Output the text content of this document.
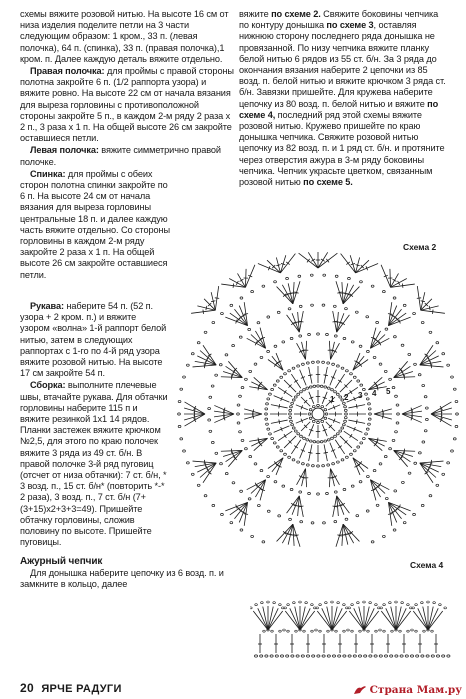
схемы вяжите розовой нитью. На высоте 16 см от низа изделия поделите петли на 3 части следующим образом: 1 кром., 33 п. (левая полочка), 64 п. (спинка), 33 п. (правая полочка),1 кром. п. Далее каждую деталь вяжите отдельно.

Правая полочка: для проймы с правой стороны полотна закройте 6 п. (1/2 раппорта узора) и вяжите ровно. На высоте 22 см от начала вязания для выреза горловины с противоположной стороны закройте 5 п., в каждом 2-м ряду 2 раза х 2 п., 3 раза х 1 п. На общей высоте 26 см закройте оставшиеся петли.

Левая полочка: вяжите симметрично правой полочке.

Спинка: для проймы с обеих сторон полотна спинки закройте по 6 п. На высоте 24 см от начала вязания для выреза горловины центральные 18 п. и далее каждую часть вяжите отдельно. Со стороны горловины в каждом 2-м ряду закройте 2 раза х 1 п. На общей высоте 26 см закройте оставшиеся петли.

Рукава: наберите 54 п. (52 п. узора + 2 кром. п.) и вяжите узором «волна» 1-й раппорт белой нитью, затем в следующих раппортах с 1-го по 4-й ряд узора вяжите розовой нитью. На высоте 17 см закройте 54 п.

Сборка: выполните плечевые швы, втачайте рукава. Для обтачки горловины наберите 115 п и вяжите резинкой 1х1 14 рядов. Планки застежек вяжите крючком №2,5, для этого по краю полочек вяжите 3 ряда из 49 ст. б/н. В правой полочке 3-й ряд пуговиц (отсчет от низа обтачки): 7 ст. б/н, * 3 возд. п., 15 ст. б/н* (повторить *-* 2 раза), 3 возд. п., 7 ст. б/н (7+(3+15)х2+3+3=49). Пришейте обтачку горловины, сложив половину по высоте. Пришейте пуговицы.

Ажурный чепчик

Для донышка наберите цепочку из 6 возд. п. и замкните в кольцо, далее

вяжите по схеме 2. Свяжите боковины чепчика по контуру донышка по схеме 3, оставляя нижнюю сторону последнего ряда донышка не провязанной. По низу чепчика вяжите планку белой нитью 6 рядов из 55 ст. б/н. За 3 ряда до окончания вязания наберите 2 цепочки из 85 возд. п. белой нитью и вяжите крючком 3 ряда ст. б/н. Завязки пришейте. Для кружева наберите цепочку из 80 возд. п. белой нитью и вяжите по схеме 4, последний ряд этой схемы вяжите розовой нитью. Кружево пришейте по краю донышка чепчика. Свяжите розовой нитью цепочку из 82 возд. п. и 1 ряд ст. б/н. и протяните через отверстия ажура в 3-м ряду боковины чепчика. Чепчик украсьте цветком, связанным розовой нитью по схеме 5.

Схема 2
1 2 3 4 5
Схема 4
20 ЯРЧЕ РАДУГИ	Страна Мам.ру
